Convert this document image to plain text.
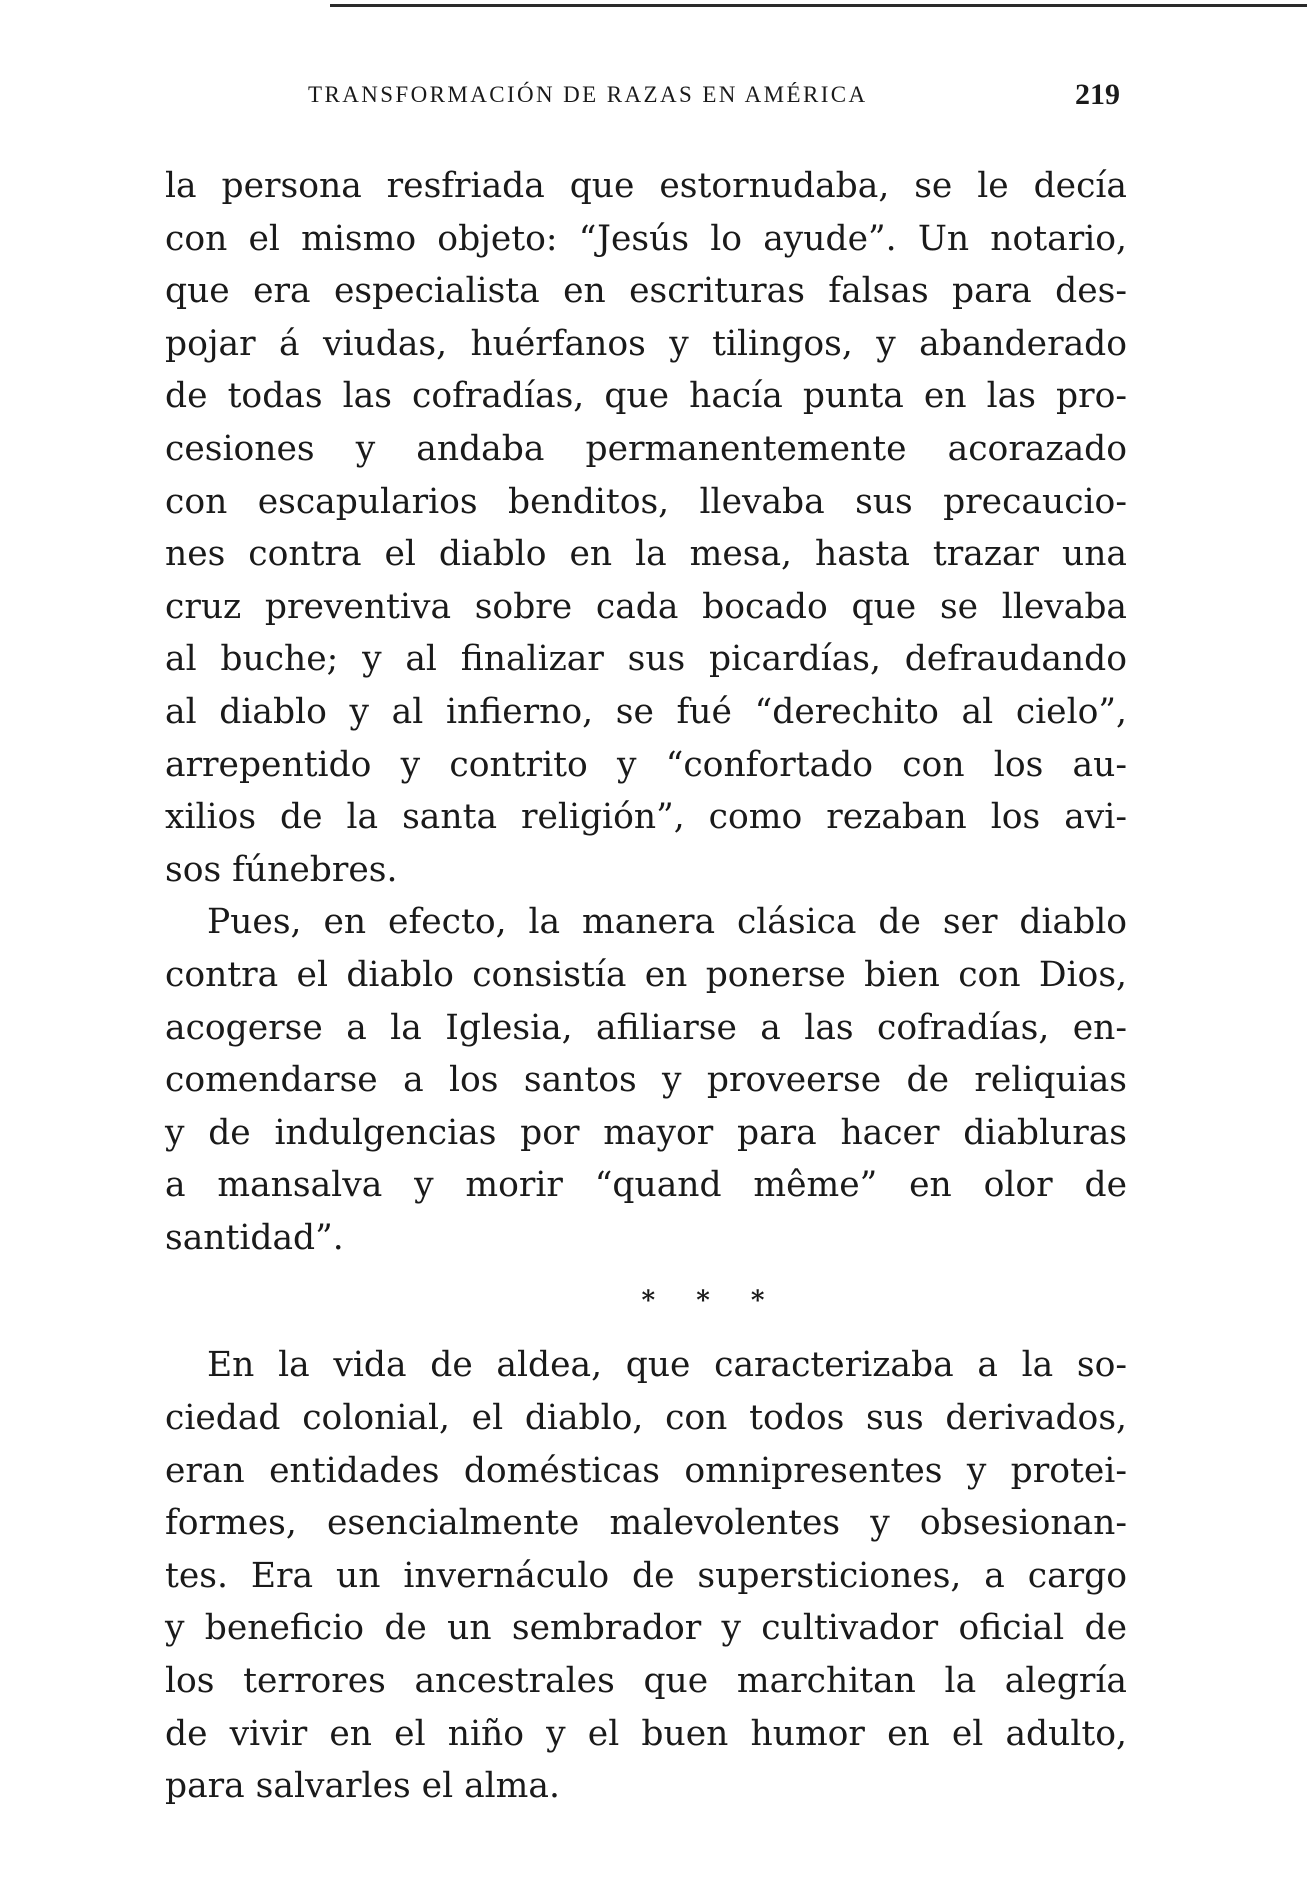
TRANSFORMACIÓN DE RAZAS EN AMÉRICA	219
la persona resfriada que estornudaba, se le decía
con el mismo objeto: “Jesús lo ayude”. Un notario,
que era especialista en escrituras falsas para des-
pojar á viudas, huérfanos y tilingos, y abanderado
de todas las cofradías, que hacía punta en las pro-
cesiones y andaba permanentemente acorazado
con escapularios benditos, llevaba sus precaucio-
nes contra el diablo en la mesa, hasta trazar una
cruz preventiva sobre cada bocado que se llevaba
al buche; y al finalizar sus picardías, defraudando
al diablo y al infierno, se fué “derechito al cielo”,
arrepentido y contrito y “confortado con los au-
xilios de la santa religión”, como rezaban los avi-
sos fúnebres.
Pues, en efecto, la manera clásica de ser diablo
contra el diablo consistía en ponerse bien con Dios,
acogerse a la Iglesia, afiliarse a las cofradías, en-
comendarse a los santos y proveerse de reliquias
y de indulgencias por mayor para hacer diabluras
a mansalva y morir “quand même” en olor de
santidad”.
* * *
En la vida de aldea, que caracterizaba a la so-
ciedad colonial, el diablo, con todos sus derivados,
eran entidades domésticas omnipresentes y protei-
formes, esencialmente malevolentes y obsesionan-
tes. Era un invernáculo de supersticiones, a cargo
y beneficio de un sembrador y cultivador oficial de
los terrores ancestrales que marchitan la alegría
de vivir en el niño y el buen humor en el adulto,
para salvarles el alma.
